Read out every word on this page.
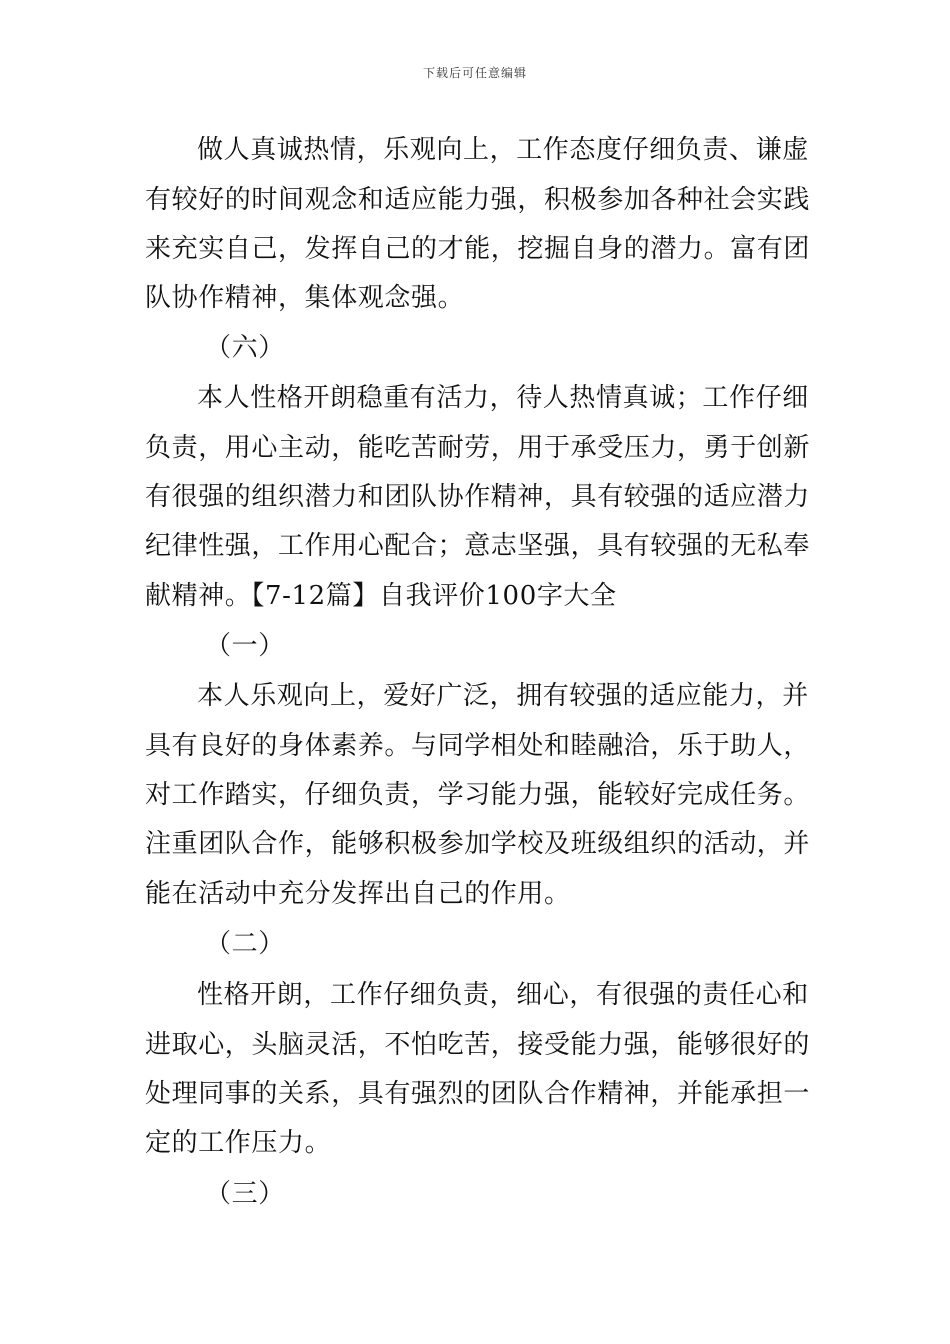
下载后可任意编辑
做人真诚热情，乐观向上，工作态度仔细负责、谦虚
有较好的时间观念和适应能力强，积极参加各种社会实践
来充实自己，发挥自己的才能，挖掘自身的潜力。富有团
队协作精神，集体观念强。
（六）
本人性格开朗稳重有活力，待人热情真诚；工作仔细
负责，用心主动，能吃苦耐劳，用于承受压力，勇于创新
有很强的组织潜力和团队协作精神，具有较强的适应潜力
纪律性强，工作用心配合；意志坚强，具有较强的无私奉
献精神。【7-12篇】自我评价100字大全
（一）
本人乐观向上，爱好广泛，拥有较强的适应能力，并
具有良好的身体素养。与同学相处和睦融洽，乐于助人，
对工作踏实，仔细负责，学习能力强，能较好完成任务。
注重团队合作，能够积极参加学校及班级组织的活动，并
能在活动中充分发挥出自己的作用。
（二）
性格开朗，工作仔细负责，细心，有很强的责任心和
进取心，头脑灵活，不怕吃苦，接受能力强，能够很好的
处理同事的关系，具有强烈的团队合作精神，并能承担一
定的工作压力。
（三）
